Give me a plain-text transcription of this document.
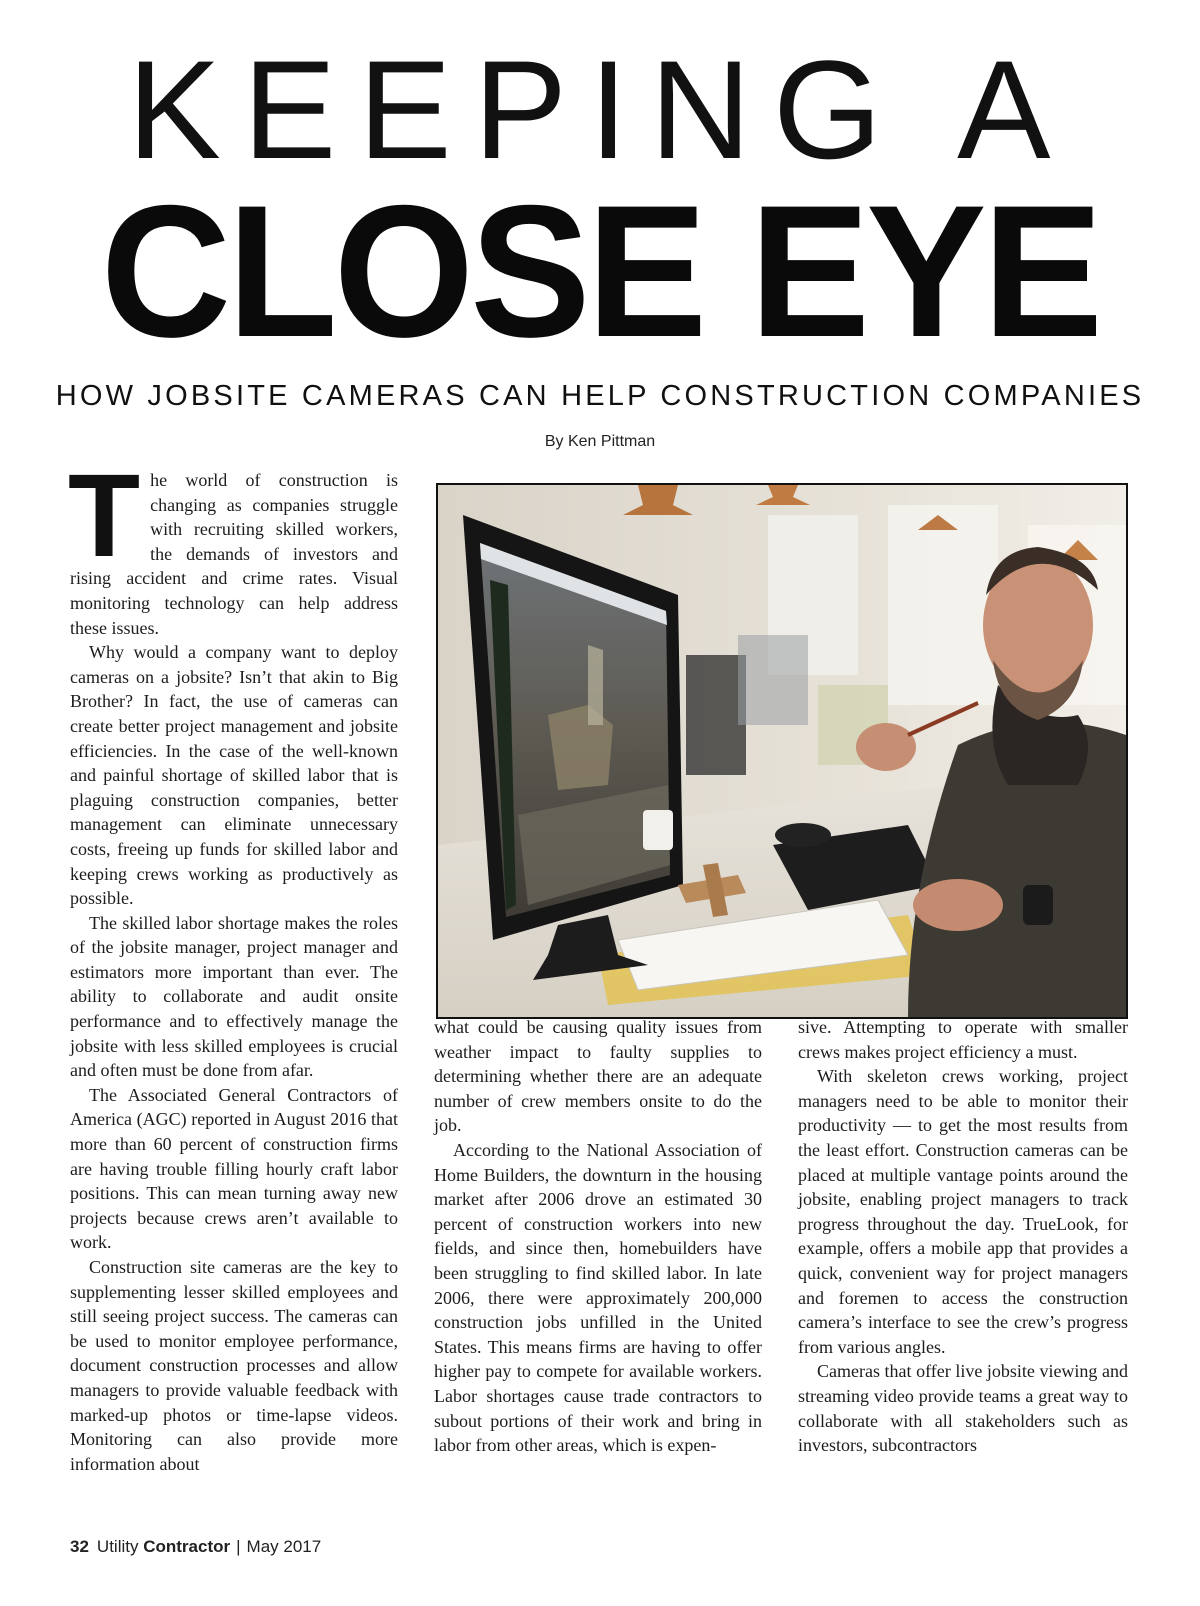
KEEPING A
CLOSE EYE
HOW JOBSITE CAMERAS CAN HELP CONSTRUCTION COMPANIES
By Ken Pittman

The world of construction is changing as companies struggle with recruiting skilled workers, the demands of investors and rising accident and crime rates. Visual monitoring technology can help address these issues.

Why would a company want to deploy cameras on a jobsite? Isn’t that akin to Big Brother? In fact, the use of cameras can create better project management and jobsite efficiencies. In the case of the well-known and painful shortage of skilled labor that is plaguing construction companies, better management can eliminate unnecessary costs, freeing up funds for skilled labor and keeping crews working as productively as possible.

The skilled labor shortage makes the roles of the jobsite manager, project manager and estimators more important than ever. The ability to collaborate and audit onsite performance and to effectively manage the jobsite with less skilled employees is crucial and often must be done from afar.

The Associated General Contractors of America (AGC) reported in August 2016 that more than 60 percent of construction firms are having trouble filling hourly craft labor positions. This can mean turning away new projects because crews aren’t available to work.

Construction site cameras are the key to supplementing lesser skilled employees and still seeing project success. The cameras can be used to monitor employee performance, document construction processes and allow managers to provide valuable feedback with marked-up photos or time-lapse videos. Monitoring can also provide more information about

what could be causing quality issues from weather impact to faulty supplies to determining whether there are an adequate number of crew members onsite to do the job.

According to the National Association of Home Builders, the downturn in the housing market after 2006 drove an estimated 30 percent of construction workers into new fields, and since then, homebuilders have been struggling to find skilled labor. In late 2006, there were approximately 200,000 construction jobs unfilled in the United States. This means firms are having to offer higher pay to compete for available workers. Labor shortages cause trade contractors to subout portions of their work and bring in labor from other areas, which is expen-

sive. Attempting to operate with smaller crews makes project efficiency a must.

With skeleton crews working, project managers need to be able to monitor their productivity — to get the most results from the least effort. Construction cameras can be placed at multiple vantage points around the jobsite, enabling project managers to track progress throughout the day. TrueLook, for example, offers a mobile app that provides a quick, convenient way for project managers and foremen to access the construction camera’s interface to see the crew’s progress from various angles.

Cameras that offer live jobsite viewing and streaming video provide teams a great way to collaborate with all stakeholders such as investors, subcontractors

32 Utility Contractor | May 2017
